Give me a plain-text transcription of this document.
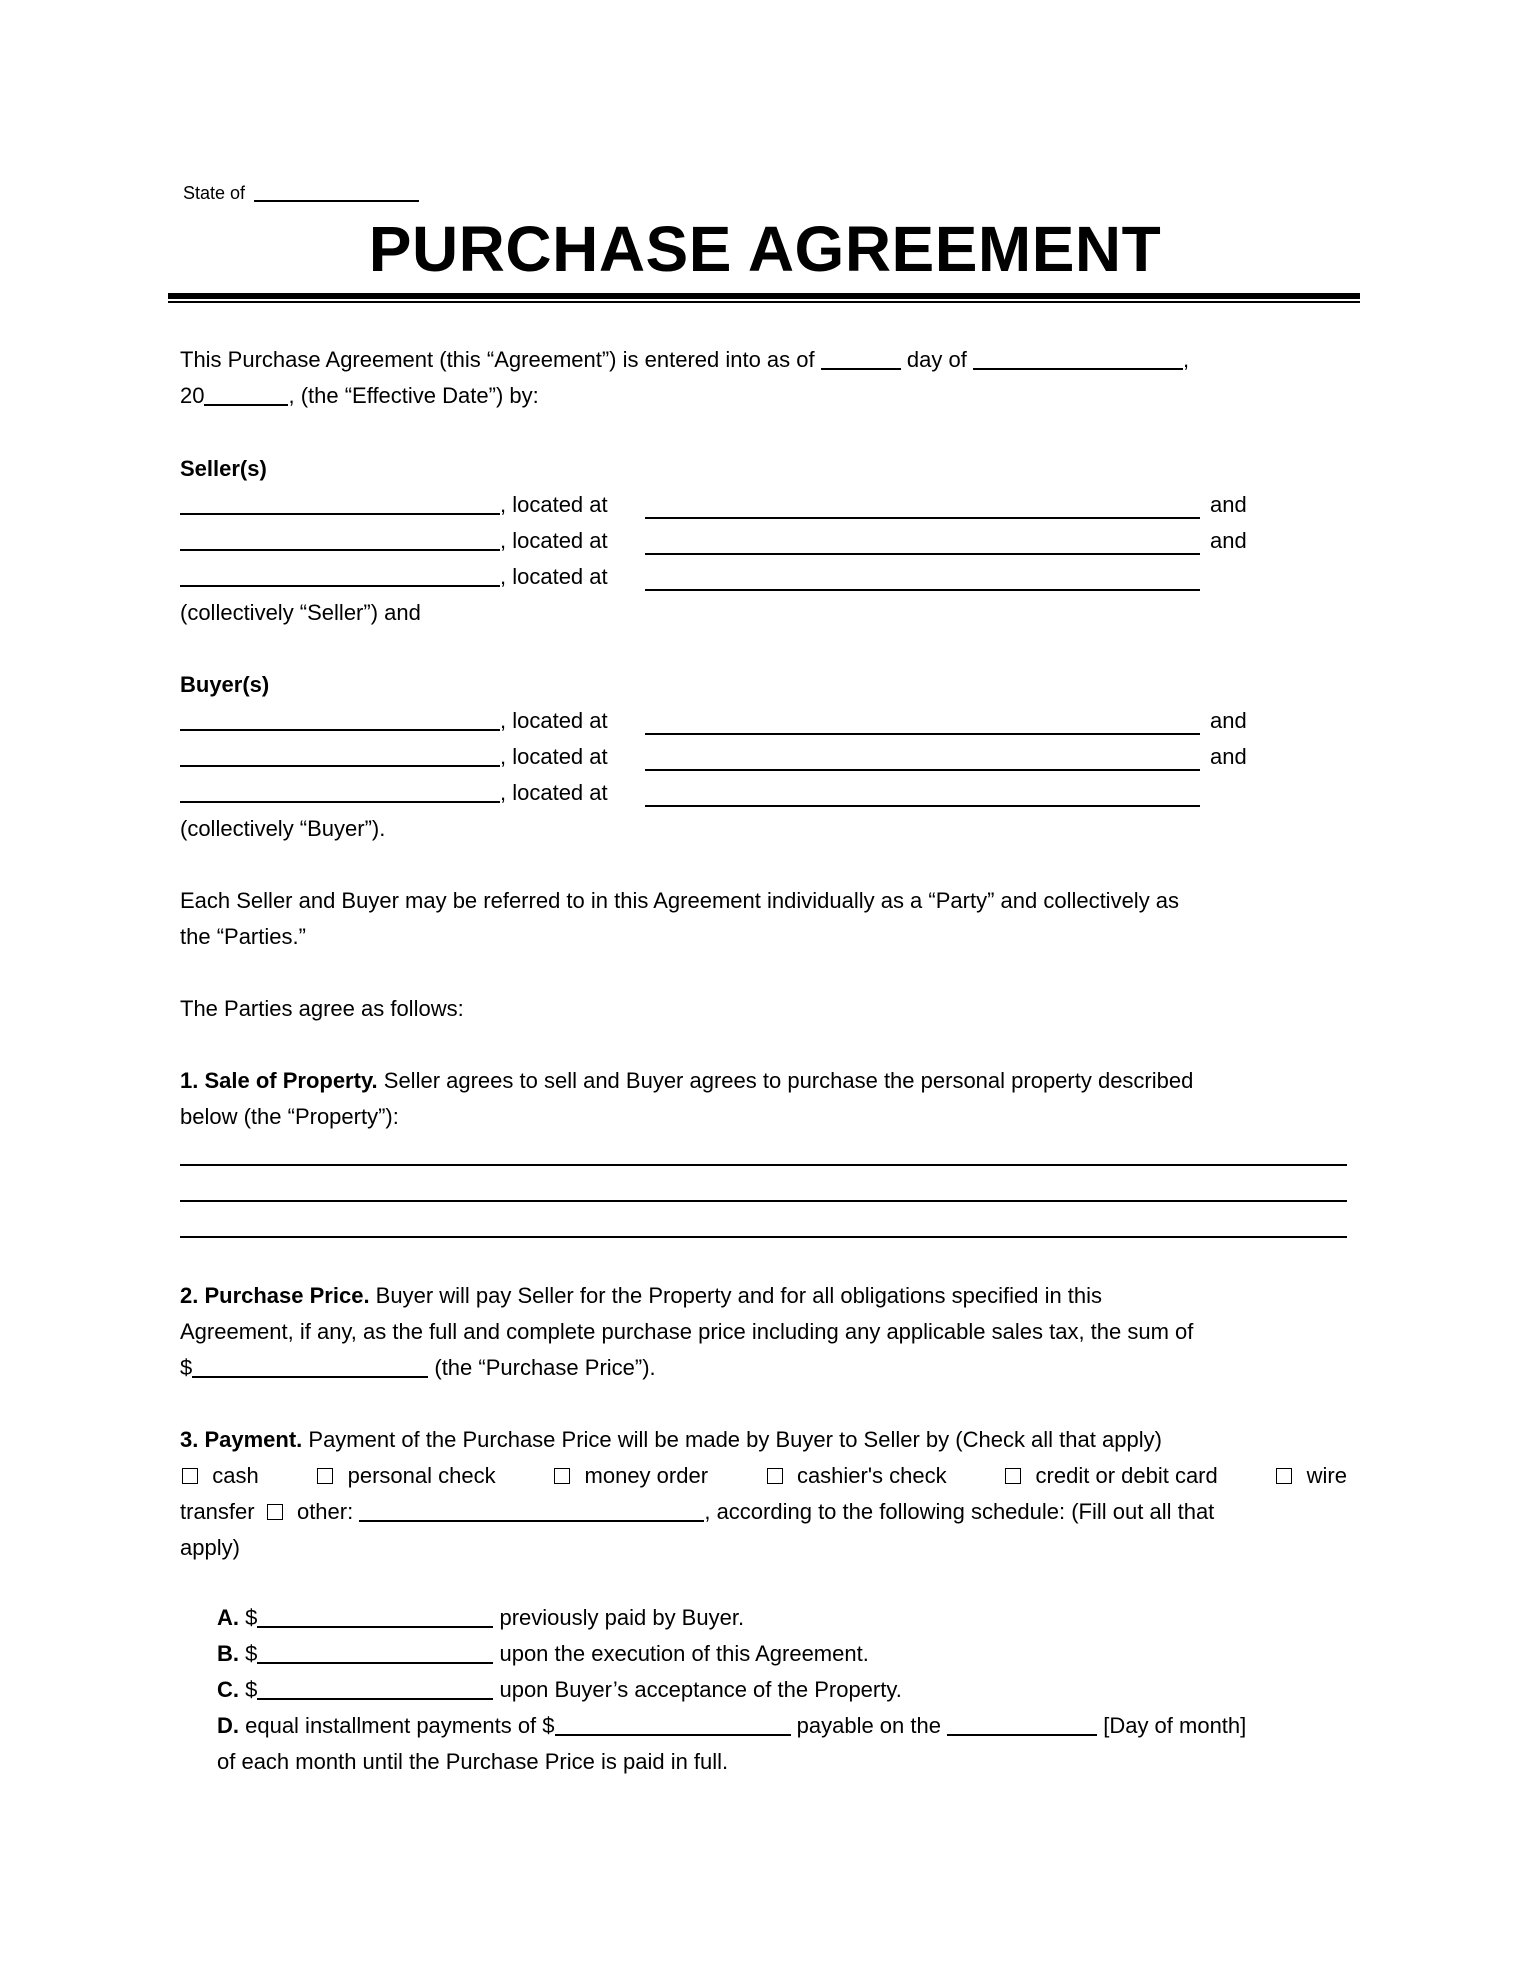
State of
PURCHASE AGREEMENT
This Purchase Agreement (this “Agreement”) is entered into as of	day of	,
20	, (the “Effective Date”) by:
Seller(s)
, located at	and
, located at	and
, located at
(collectively “Seller”) and
Buyer(s)
, located at	and
, located at	and
, located at
(collectively “Buyer”).
Each Seller and Buyer may be referred to in this Agreement individually as a “Party” and collectively as
the “Parties.”
The Parties agree as follows:
1. Sale of Property. Seller agrees to sell and Buyer agrees to purchase the personal property described
below (the “Property”):
2. Purchase Price. Buyer will pay Seller for the Property and for all obligations specified in this
Agreement, if any, as the full and complete purchase price including any applicable sales tax, the sum of
$	(the “Purchase Price”).
3. Payment. Payment of the Purchase Price will be made by Buyer to Seller by (Check all that apply)
cash	personal check	money order	cashier's check	credit or debit card	wire
transfer other:	, according to the following schedule: (Fill out all that
apply)
A. $	previously paid by Buyer.
B. $	upon the execution of this Agreement.
C. $	upon Buyer’s acceptance of the Property.
D. equal installment payments of $	payable on the	[Day of month]
of each month until the Purchase Price is paid in full.
